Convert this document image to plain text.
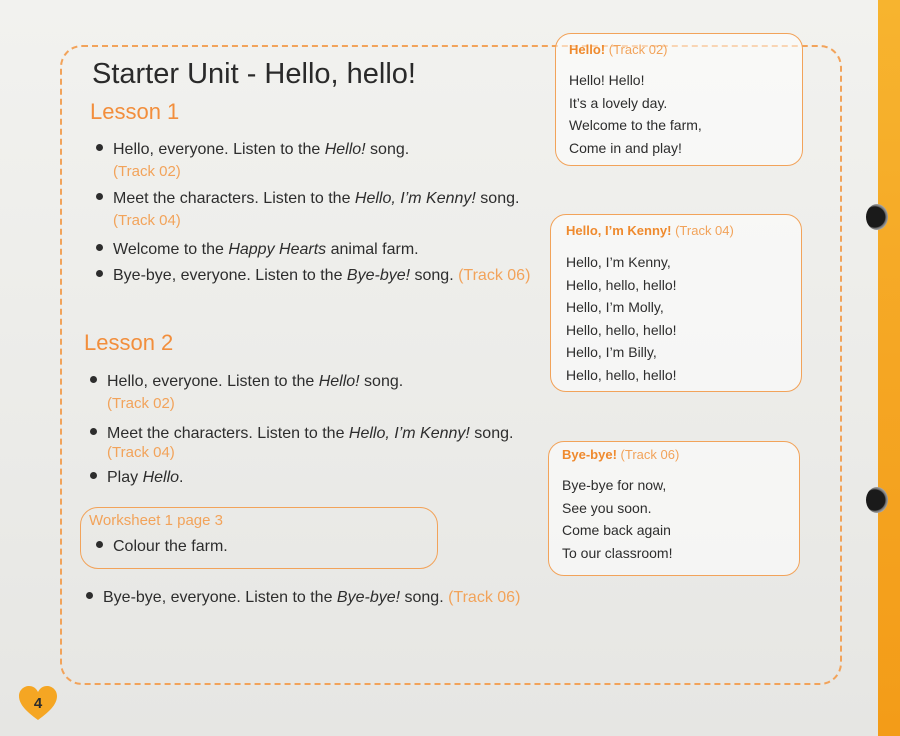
Starter Unit - Hello, hello!
Lesson 1
Hello, everyone. Listen to the Hello! song.
(Track 02)
Meet the characters. Listen to the Hello, I’m Kenny! song.
(Track 04)
Welcome to the Happy Hearts animal farm.
Bye-bye, everyone. Listen to the Bye-bye! song. (Track 06)
Lesson 2
Hello, everyone. Listen to the Hello! song.
(Track 02)
Meet the characters. Listen to the Hello, I’m Kenny! song.
(Track 04)
Play Hello.
Worksheet 1 page 3
Colour the farm.
Bye-bye, everyone. Listen to the Bye-bye! song. (Track 06)
Hello! (Track 02)
Hello! Hello!
It’s a lovely day.
Welcome to the farm,
Come in and play!
Hello, I’m Kenny! (Track 04)
Hello, I’m Kenny,
Hello, hello, hello!
Hello, I’m Molly,
Hello, hello, hello!
Hello, I’m Billy,
Hello, hello, hello!
Bye-bye! (Track 06)
Bye-bye for now,
See you soon.
Come back again
To our classroom!
4
